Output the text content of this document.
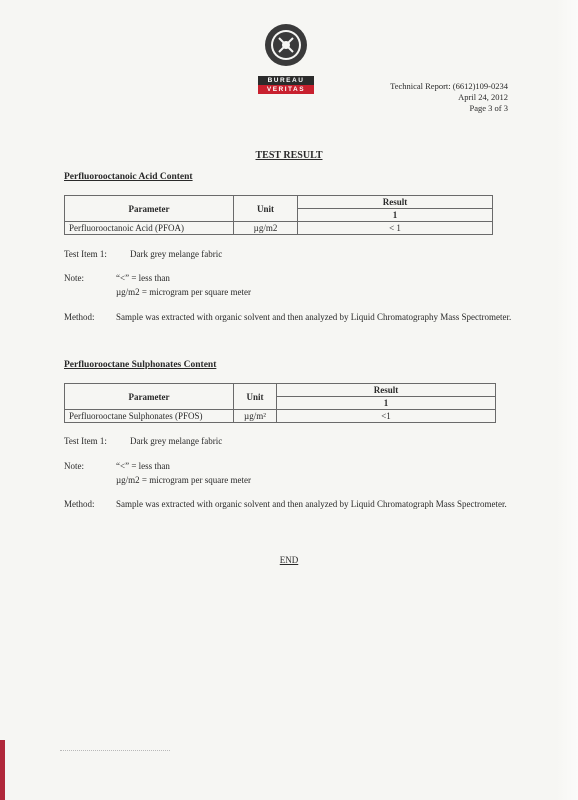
BUREAU
VERITAS	Technical Report: (6612)109-0234
April 24, 2012
Page 3 of 3
TEST RESULT
Perfluorooctanoic Acid Content
Parameter	Unit	Result
		1
Perfluorooctanoic Acid (PFOA)	µg/m2	< 1
Test Item 1:	Dark grey melange fabric
Note:	“<” = less than
µg/m2 = microgram per square meter
Method: Sample was extracted with organic solvent and then analyzed by Liquid Chromatography Mass Spectrometer.
Perfluorooctane Sulphonates Content
Parameter	Unit	Result
		1
Perfluorooctane Sulphonates (PFOS)	µg/m²	<1
Test Item 1:	Dark grey melange fabric
Note:	“<” = less than
µg/m2 = microgram per square meter
Method: Sample was extracted with organic solvent and then analyzed by Liquid Chromatograph Mass Spectrometer.
END
